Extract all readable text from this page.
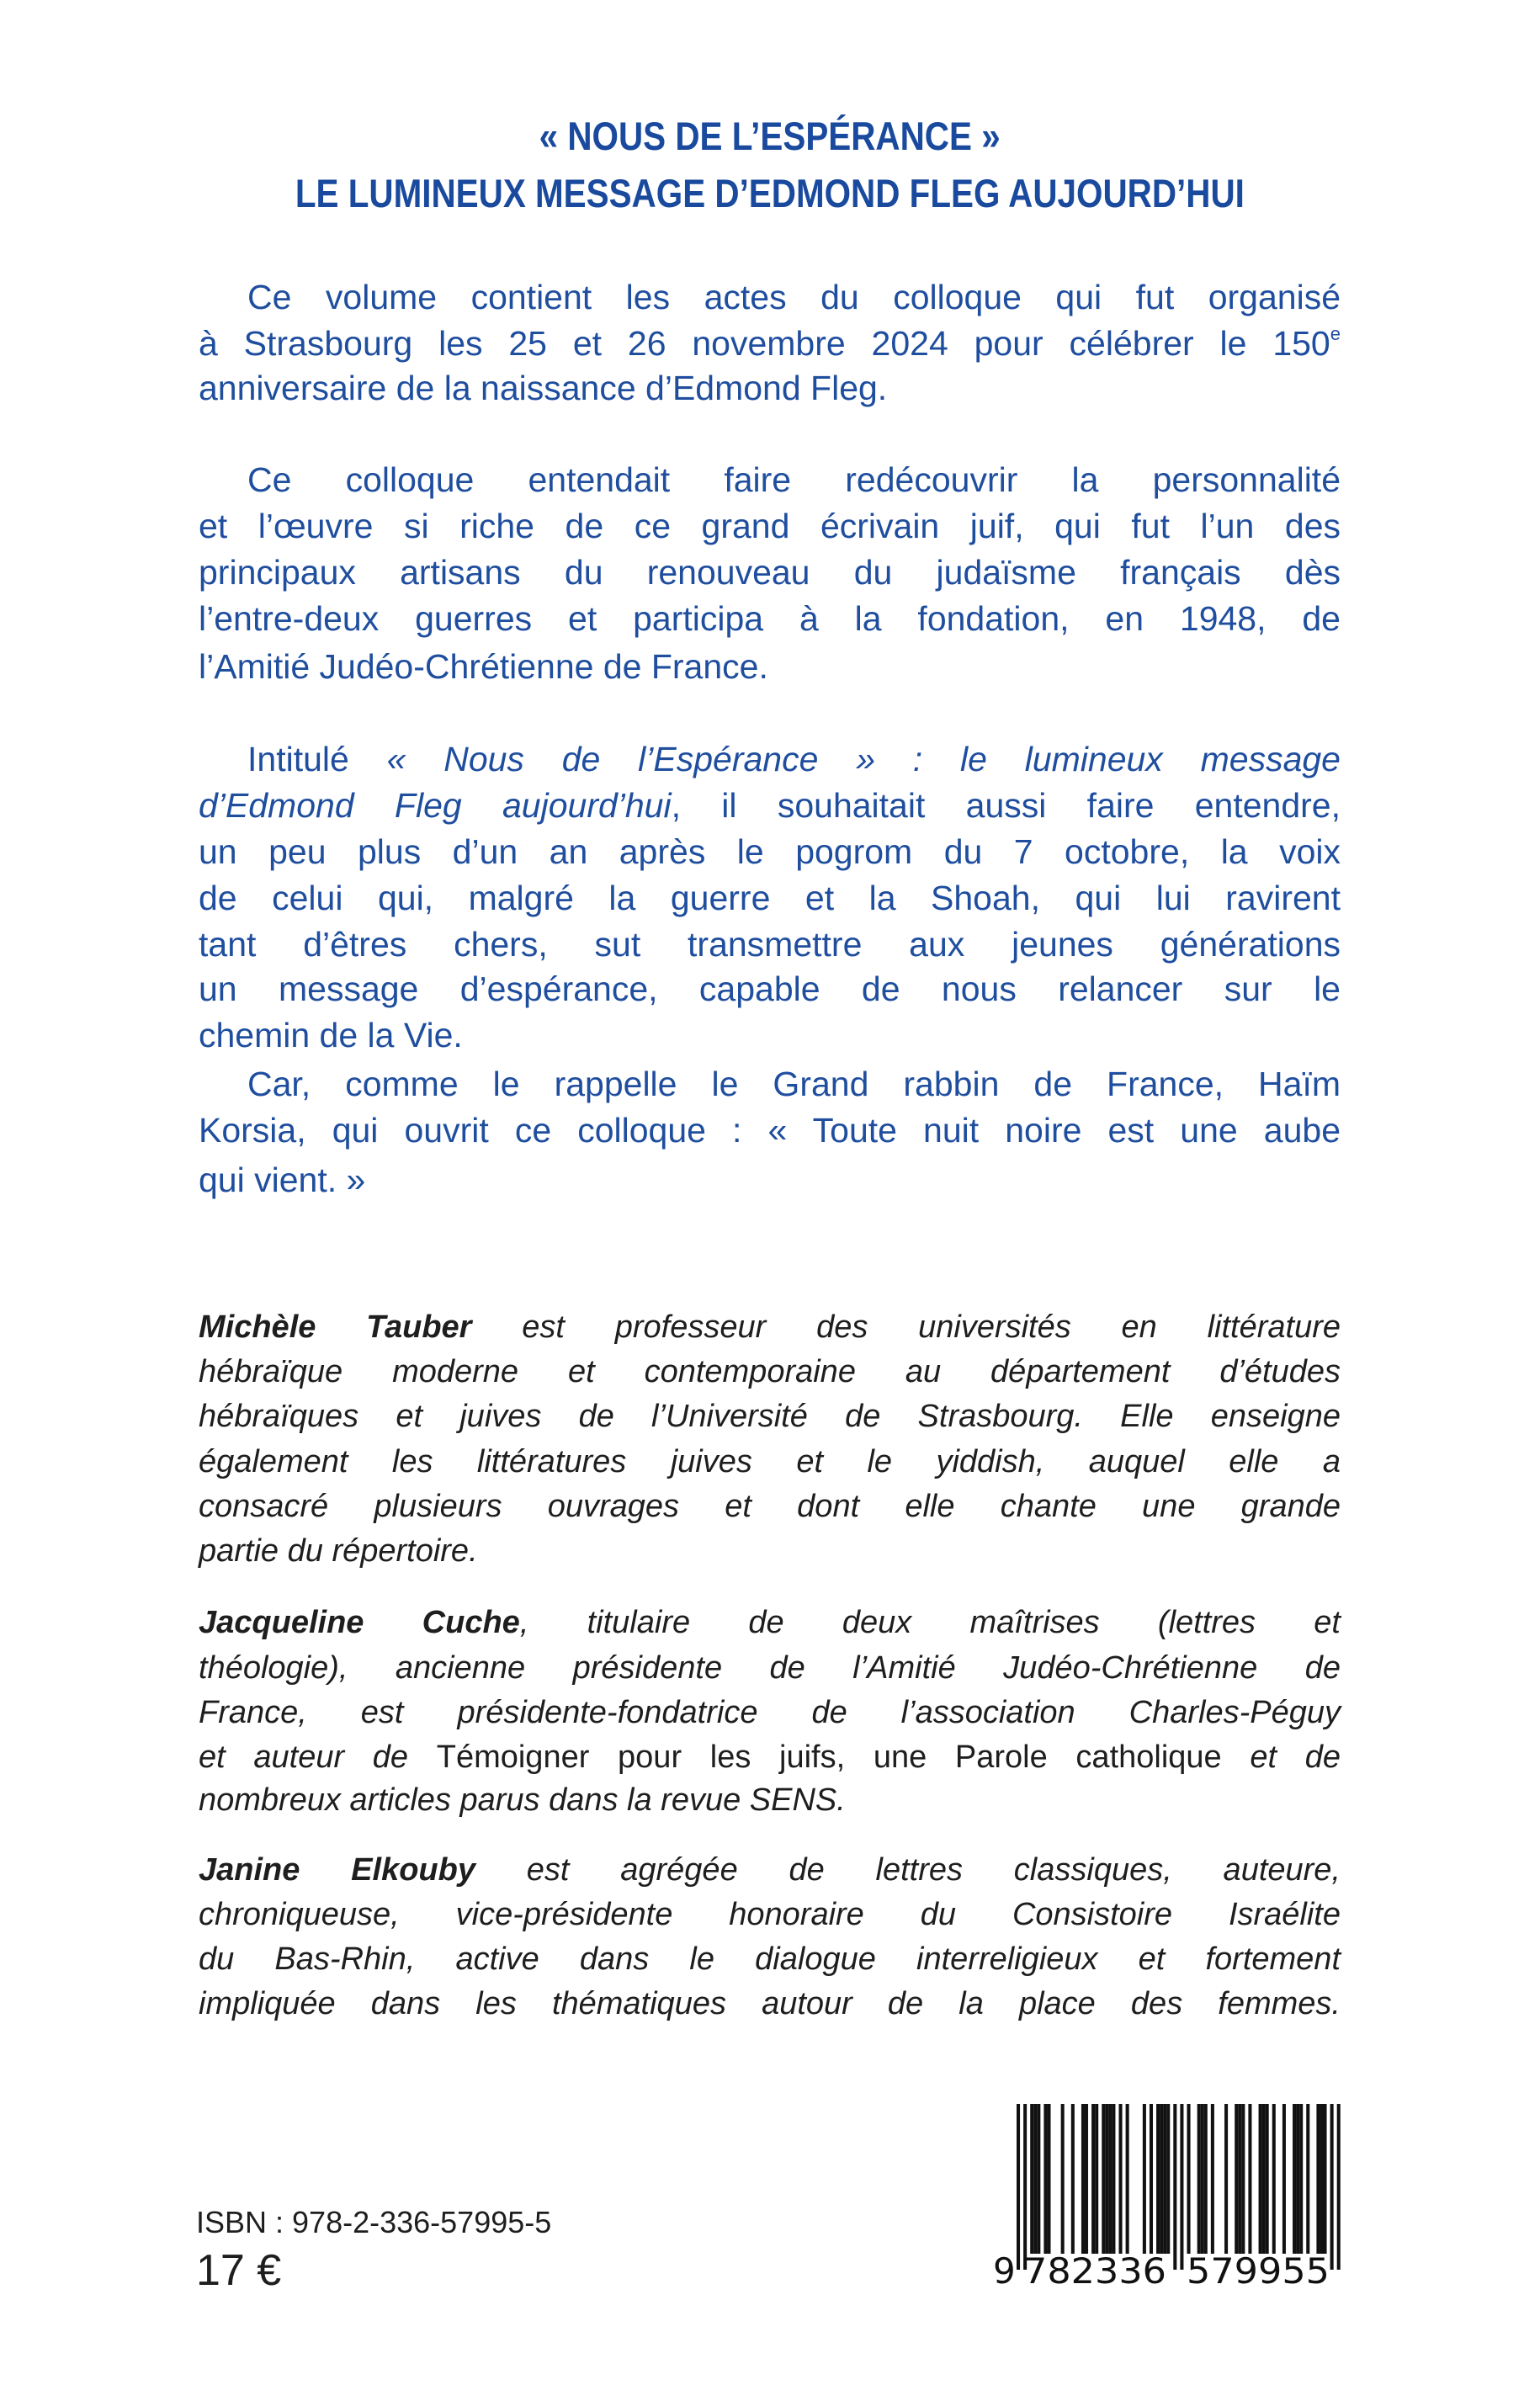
« NOUS DE L’ESPÉRANCE »
LE LUMINEUX MESSAGE D’EDMOND FLEG AUJOURD’HUI
Ce volume contient les actes du colloque qui fut organisé
à Strasbourg les 25 et 26 novembre 2024 pour célébrer le 150e
anniversaire de la naissance d’Edmond Fleg.
Ce colloque entendait faire redécouvrir la personnalité
et l’œuvre si riche de ce grand écrivain juif, qui fut l’un des
principaux artisans du renouveau du judaïsme français dès
l’entre-deux guerres et participa à la fondation, en 1948, de
l’Amitié Judéo-Chrétienne de France.
Intitulé « Nous de l’Espérance » : le lumineux message
d’Edmond Fleg aujourd’hui, il souhaitait aussi faire entendre,
un peu plus d’un an après le pogrom du 7 octobre, la voix
de celui qui, malgré la guerre et la Shoah, qui lui ravirent
tant d’êtres chers, sut transmettre aux jeunes générations
un message d’espérance, capable de nous relancer sur le
chemin de la Vie.
Car, comme le rappelle le Grand rabbin de France, Haïm
Korsia, qui ouvrit ce colloque : « Toute nuit noire est une aube
qui vient. »
Michèle Tauber est professeur des universités en littérature
hébraïque moderne et contemporaine au département d’études
hébraïques et juives de l’Université de Strasbourg. Elle enseigne
également les littératures juives et le yiddish, auquel elle a
consacré plusieurs ouvrages et dont elle chante une grande
partie du répertoire.
Jacqueline Cuche, titulaire de deux maîtrises (lettres et
théologie), ancienne présidente de l’Amitié Judéo-Chrétienne de
France, est présidente-fondatrice de l’association Charles-Péguy
et auteur de Témoigner pour les juifs, une Parole catholique et de
nombreux articles parus dans la revue SENS.
Janine Elkouby est agrégée de lettres classiques, auteure,
chroniqueuse, vice-présidente honoraire du Consistoire Israélite
du Bas-Rhin, active dans le dialogue interreligieux et fortement
impliquée dans les thématiques autour de la place des femmes.
ISBN : 978-2-336-57995-5
17 €	9 782336 579955
